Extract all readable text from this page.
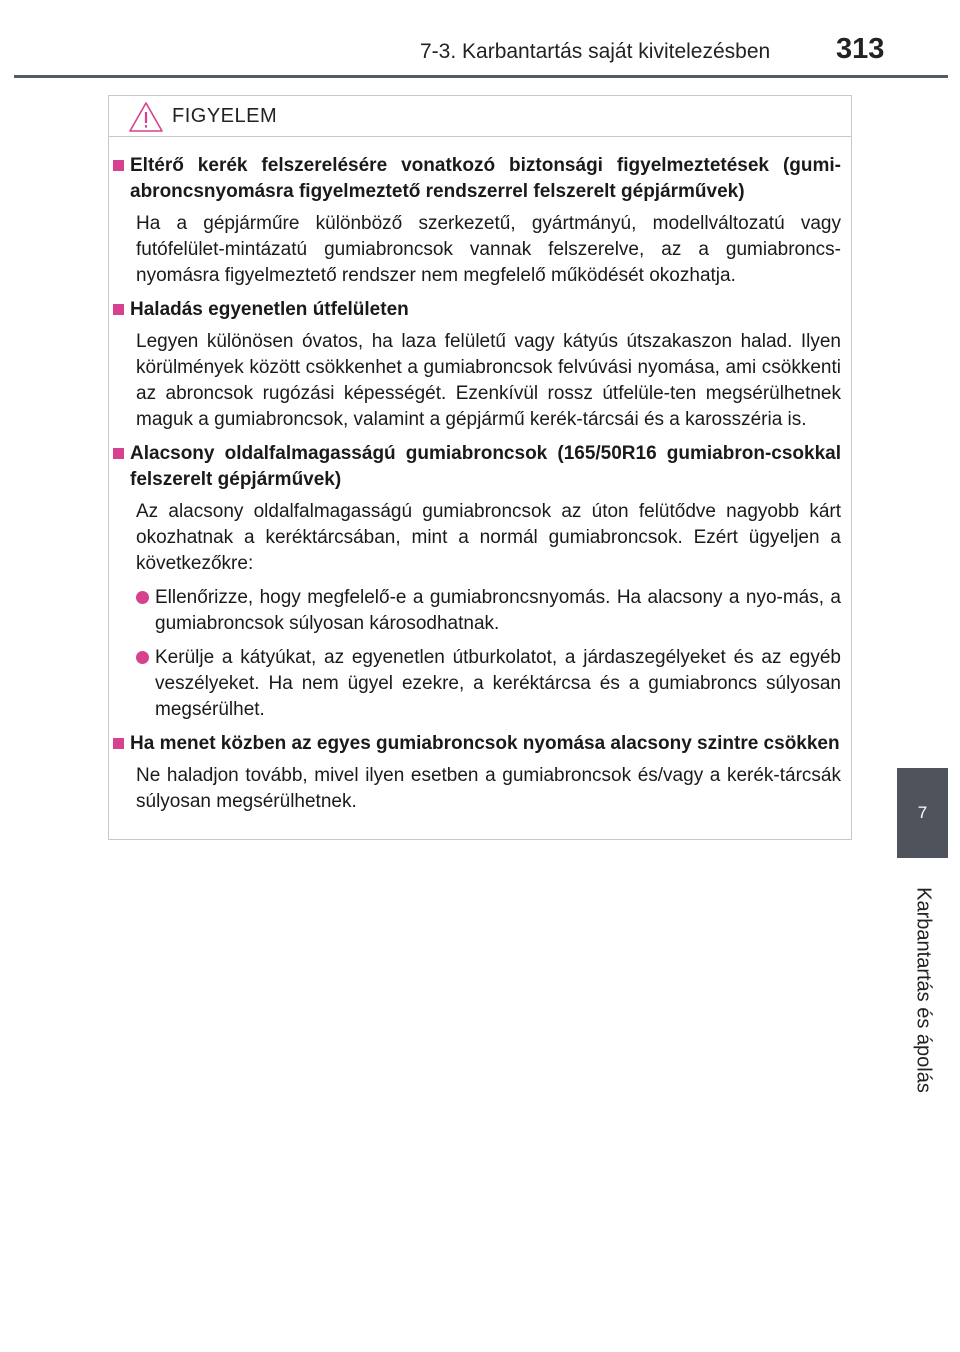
7-3. Karbantartás saját kivitelezésben 313
7
Karbantartás és ápolás
FIGYELEM
Eltérő kerék felszerelésére vonatkozó biztonsági figyelmeztetések (gumi-abroncsnyomásra figyelmeztető rendszerrel felszerelt gépjárművek)
Ha a gépjárműre különböző szerkezetű, gyártmányú, modellváltozatú vagy futófelület-mintázatú gumiabroncsok vannak felszerelve, az a gumiabroncs-nyomásra figyelmeztető rendszer nem megfelelő működését okozhatja.
Haladás egyenetlen útfelületen
Legyen különösen óvatos, ha laza felületű vagy kátyús útszakaszon halad. Ilyen körülmények között csökkenhet a gumiabroncsok felvúvási nyomása, ami csökkenti az abroncsok rugózási képességét. Ezenkívül rossz útfelüle-ten megsérülhetnek maguk a gumiabroncsok, valamint a gépjármű kerék-tárcsái és a karosszéria is.
Alacsony oldalfalmagasságú gumiabroncsok (165/50R16 gumiabron-csokkal felszerelt gépjárművek)
Az alacsony oldalfalmagasságú gumiabroncsok az úton felütődve nagyobb kárt okozhatnak a keréktárcsában, mint a normál gumiabroncsok. Ezért ügyeljen a következőkre:
Ellenőrizze, hogy megfelelő-e a gumiabroncsnyomás. Ha alacsony a nyo-más, a gumiabroncsok súlyosan károsodhatnak.
Kerülje a kátyúkat, az egyenetlen útburkolatot, a járdaszegélyeket és az egyéb veszélyeket. Ha nem ügyel ezekre, a keréktárcsa és a gumiabroncs súlyosan megsérülhet.
Ha menet közben az egyes gumiabroncsok nyomása alacsony szintre csökken
Ne haladjon tovább, mivel ilyen esetben a gumiabroncsok és/vagy a kerék-tárcsák súlyosan megsérülhetnek.
